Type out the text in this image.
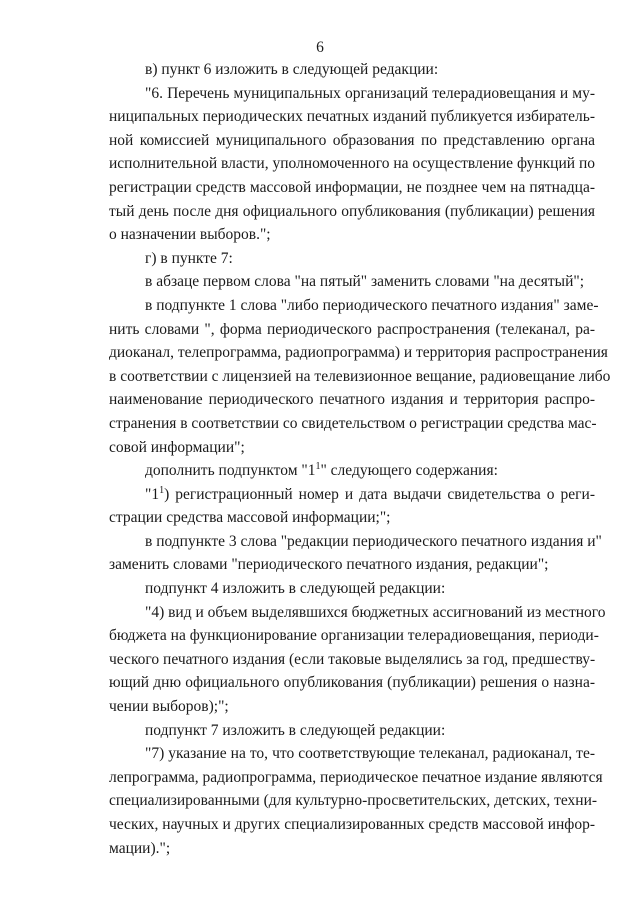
6
в) пункт 6 изложить в следующей редакции:
"6. Перечень муниципальных организаций телерадиовещания и му-
ниципальных периодических печатных изданий публикуется избиратель-
ной комиссией муниципального образования по представлению органа
исполнительной власти, уполномоченного на осуществление функций по
регистрации средств массовой информации, не позднее чем на пятнадца-
тый день после дня официального опубликования (публикации) решения
о назначении выборов.";
г) в пункте 7:
в абзаце первом слова "на пятый" заменить словами "на десятый";
в подпункте 1 слова "либо периодического печатного издания" заме-
нить словами ", форма периодического распространения (телеканал, ра-
диоканал, телепрограмма, радиопрограмма) и территория распространения
в соответствии с лицензией на телевизионное вещание, радиовещание либо
наименование периодического печатного издания и территория распро-
странения в соответствии со свидетельством о регистрации средства мас-
совой информации";
дополнить подпунктом "$1^1$" следующего содержания:
"$1^1$) регистрационный номер и дата выдачи свидетельства о реги-
страции средства массовой информации;";
в подпункте 3 слова "редакции периодического печатного издания и"
заменить словами "периодического печатного издания, редакции";
подпункт 4 изложить в следующей редакции:
"4) вид и объем выделявшихся бюджетных ассигнований из местного
бюджета на функционирование организации телерадиовещания, периоди-
ческого печатного издания (если таковые выделялись за год, предшеству-
ющий дню официального опубликования (публикации) решения о назна-
чении выборов);";
подпункт 7 изложить в следующей редакции:
"7) указание на то, что соответствующие телеканал, радиоканал, те-
лепрограмма, радиопрограмма, периодическое печатное издание являются
специализированными (для культурно-просветительских, детских, техни-
ческих, научных и других специализированных средств массовой инфор-
мации).";
